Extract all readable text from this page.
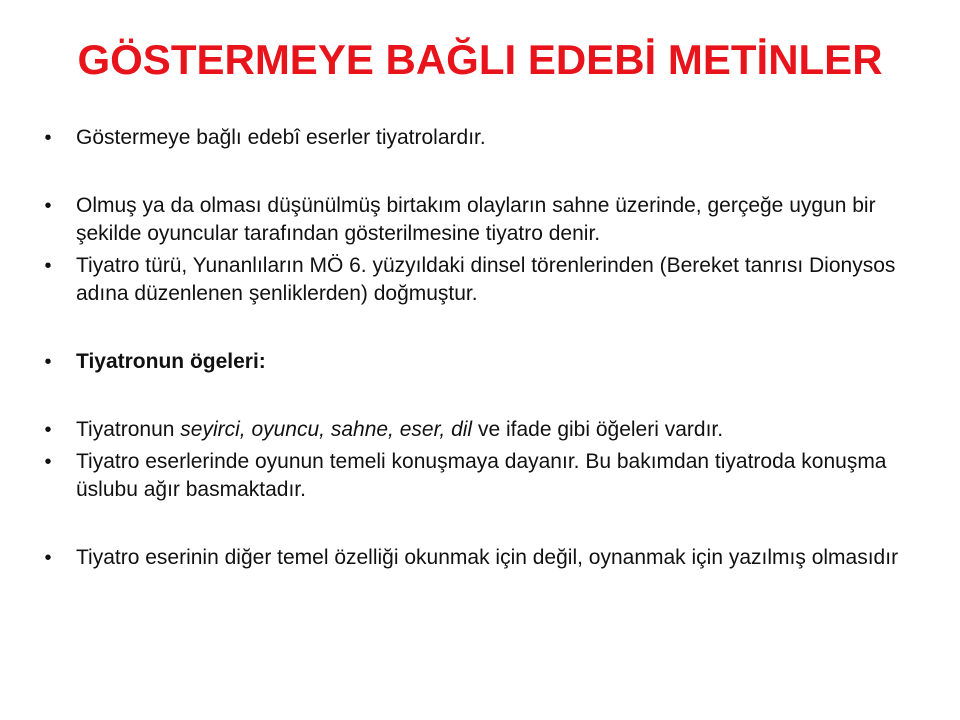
GÖSTERMEYE BAĞLI EDEBİ METİNLER
•	Göstermeye bağlı edebî eserler tiyatrolardır.
•	Olmuş ya da olması düşünülmüş birtakım olayların sahne üzerinde, gerçeğe uygun bir şekilde oyuncular tarafından gösterilmesine tiyatro denir.
•	Tiyatro türü, Yunanlıların MÖ 6. yüzyıldaki dinsel törenlerinden (Bereket tanrısı Dionysos adına düzenlenen şenliklerden) doğmuştur.
•	Tiyatronun ögeleri:
•	Tiyatronun seyirci, oyuncu, sahne, eser, dil ve ifade gibi öğeleri vardır.
•	Tiyatro eserlerinde oyunun temeli konuşmaya dayanır. Bu bakımdan tiyatroda konuşma üslubu ağır basmaktadır.
•	Tiyatro eserinin diğer temel özelliği okunmak için değil, oynanmak için yazılmış olmasıdır
